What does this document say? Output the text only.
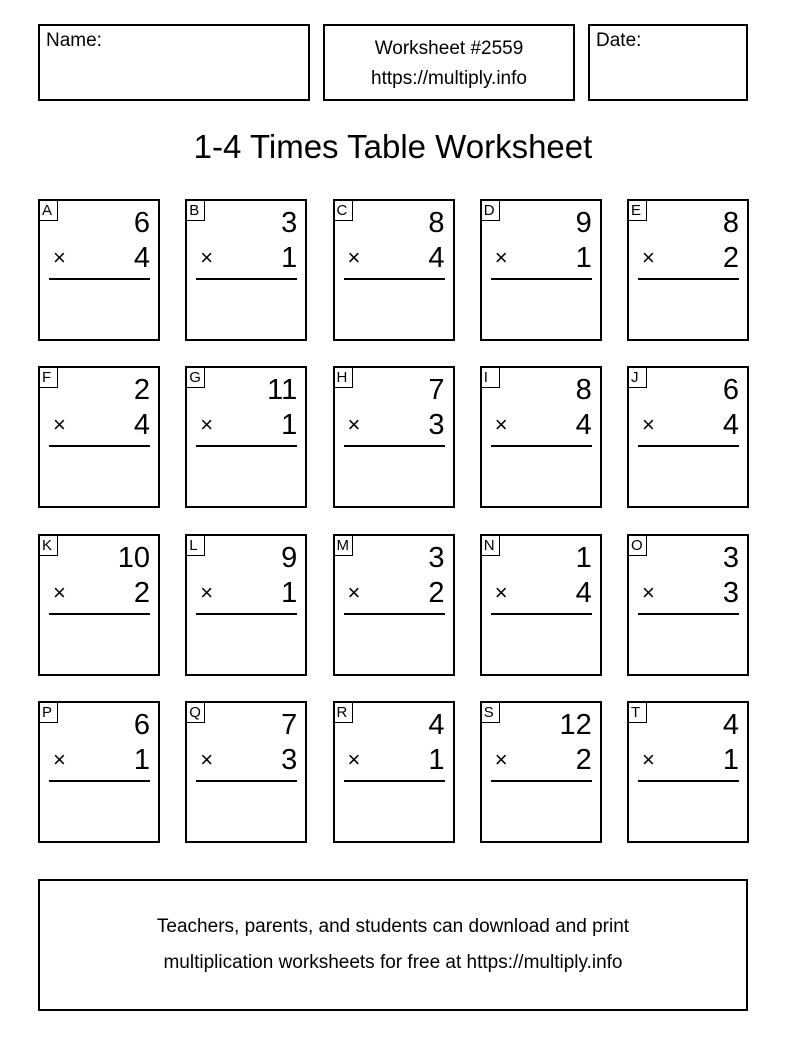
Name:	Worksheet #2559
https://multiply.info
Date:
1-4 Times Table Worksheet
A	6
× 4
B	3
× 1
C	8
× 4
D	9
× 1
E	8
× 2
F	2
× 4
G 11
× 1
H	7
× 3
I	8
× 4
J	6
× 4
K 10
× 2
L	9
× 1
M	3
× 2
N	1
× 4
O	3
× 3
P	6
× 1
Q	7
× 3
R	4
× 1
S 12
× 2
T	4
× 1
Teachers, parents, and students can download and print
multiplication worksheets for free at https://multiply.info
